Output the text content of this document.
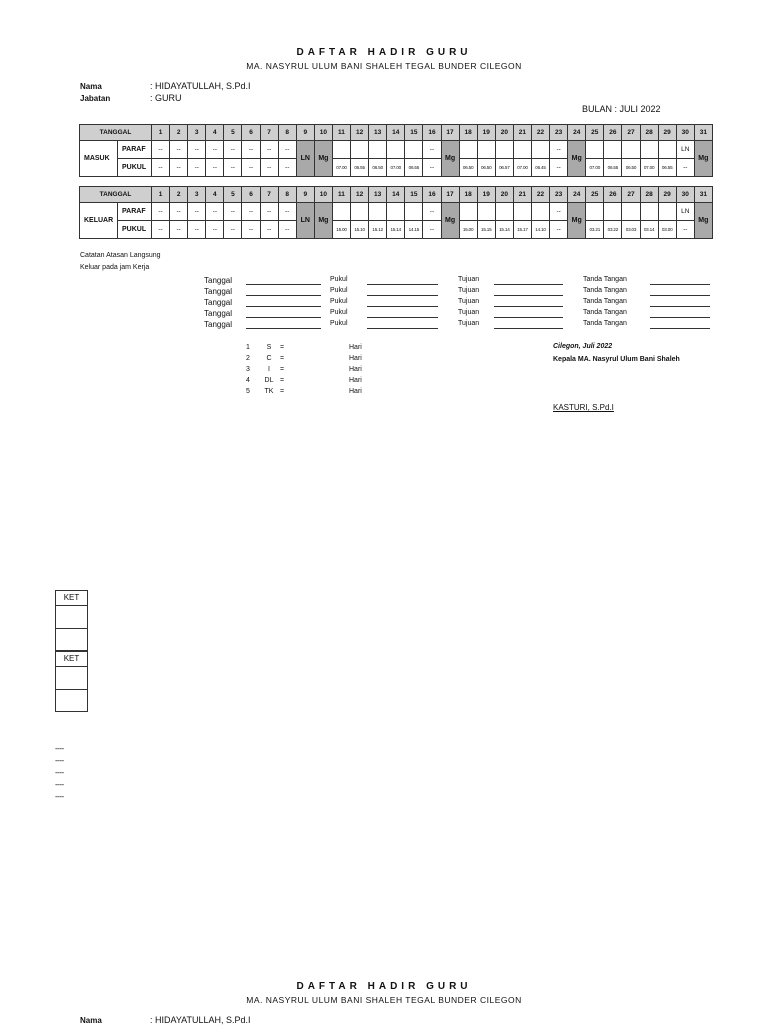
DAFTAR HADIR GURU
MA. NASYRUL ULUM BANI SHALEH TEGAL BUNDER CILEGON
Nama	: HIDAYATULLAH, S.Pd.I
Jabatan	: GURU
BULAN : JULI 2022
TANGGAL		1	2	3	4	5	6	7	8	9	10	11	12	13	14	15	16	17	18	19	20	21	22	23	24	25	26	27	28	29	30	31
MASUK	PARAF	--	--	--	--	--	--	--	--	LN	Mg						--	Mg						--	Mg						LN	Mg
	PUKUL	--	--	--	--	--	--	--	--			07.00	06.55	06.50	07.00	06.55	--		06.50	06.50	06.57	07.00	06.45	--		07.00	06.55	06.50	07.00	06.55	--	
TANGGAL		1	2	3	4	5	6	7	8	9	10	11	12	13	14	15	16	17	18	19	20	21	22	23	24	25	26	27	28	29	30	31
KELUAR	PARAF	--	--	--	--	--	--	--	--	LN	Mg						--	Mg						--	Mg						LN	Mg
	PUKUL	--	--	--	--	--	--	--	--			15.00	15.10	15.12	15.14	14.15	--		15.00	15.15	15.14	15.17	14.10	--		03.21	03.22	03.03	03.14	03.00	--	
Catatan Atasan Langsung
Keluar pada jam Kerja
Tanggal	Pukul	Tujuan	Tanda Tangan
Tanggal	Pukul	Tujuan	Tanda Tangan
Tanggal	Pukul	Tujuan	Tanda Tangan
Tanggal	Pukul	Tujuan	Tanda Tangan
Tanggal	Pukul	Tujuan	Tanda Tangan
1	S	=	Hari
2	C	=	Hari
3	I	=	Hari
4	DL =	Hari
5	TK =	Hari
Cilegon, Juli 2022
Kepala MA. Nasyrul Ulum Bani Shaleh
KASTURI, S.Pd.I
KET
KET
----
----
----
----
----
DAFTAR HADIR GURU
MA. NASYRUL ULUM BANI SHALEH TEGAL BUNDER CILEGON
Nama	: HIDAYATULLAH, S.Pd.I
